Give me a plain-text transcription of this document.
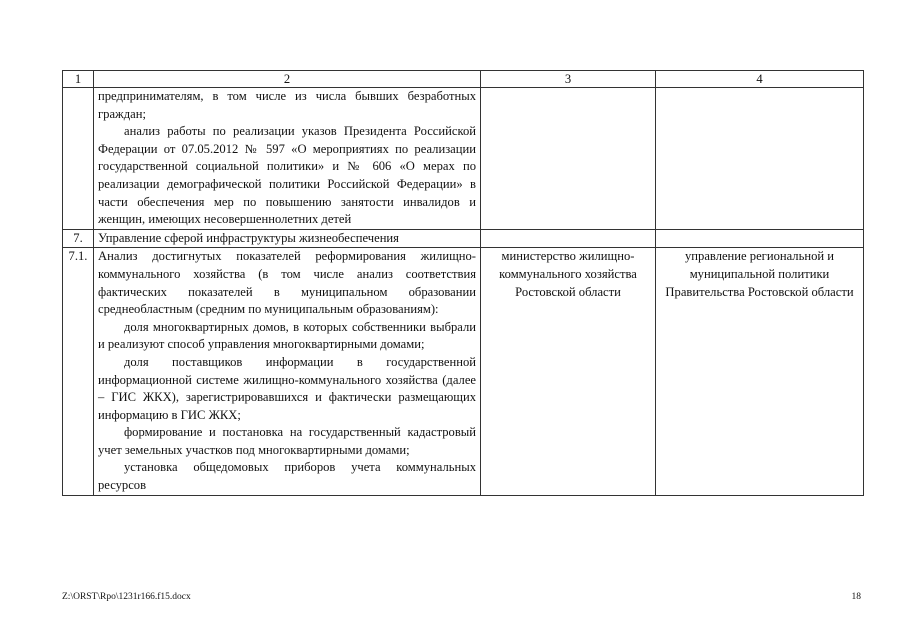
1	2	3	4

	предпринимателям, в том числе из числа бывших безработных граждан;

анализ работы по реализации указов Президента Российской Федерации от 07.05.2012 № 597 «О мероприятиях по реализации государственной социальной политики» и № 606 «О мерах по реализации демографической политики Российской Федерации» в части обеспечения мер по повышению занятости инвалидов и женщин, имеющих несовершеннолетних детей		

7.	Управление сферой инфраструктуры жизнеобеспечения		
7.1.	Анализ достигнутых показателей реформирования жилищно-коммунального хозяйства (в том числе анализ соответствия фактических показателей в муниципальном образовании среднеобластным (средним по муниципальным образованиям):

доля многоквартирных домов, в которых собственники выбрали и реализуют способ управления многоквартирными домами;

доля поставщиков информации в государственной информационной системе жилищно-коммунального хозяйства (далее – ГИС ЖКХ), зарегистрировавшихся и фактически размещающих информацию в ГИС ЖКХ;

формирование и постановка на государственный кадастровый учет земельных участков под многоквартирными домами;

установка общедомовых приборов учета коммунальных ресурсов	министерство жилищно-коммунального хозяйства Ростовской области	управление региональной и муниципальной политики Правительства Ростовской области
Z:\ORST\Rpo\1231r166.f15.docx	18
